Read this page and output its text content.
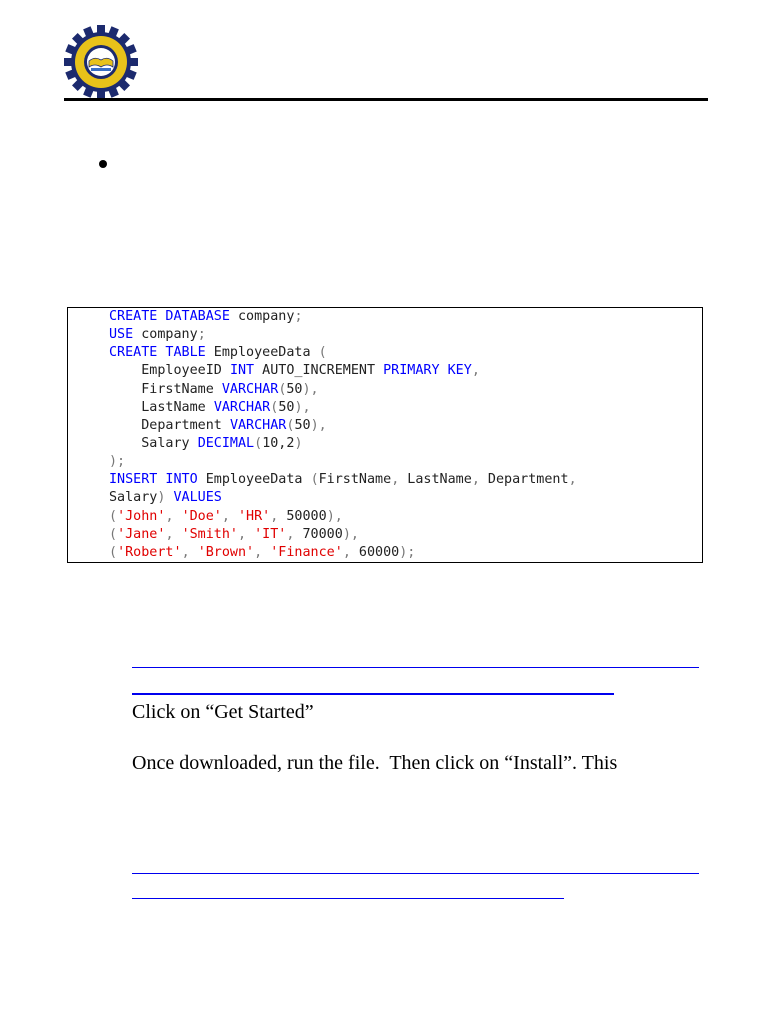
CREATE DATABASE company;
USE company;
CREATE TABLE EmployeeData (
EmployeeID INT AUTO_INCREMENT PRIMARY KEY,
FirstName VARCHAR(50),
LastName VARCHAR(50),
Department VARCHAR(50),
Salary DECIMAL(10,2)
);
INSERT INTO EmployeeData (FirstName, LastName, Department,
Salary) VALUES
('John', 'Doe', 'HR', 50000),
('Jane', 'Smith', 'IT', 70000),
('Robert', 'Brown', 'Finance', 60000);
Click on “Get Started”
Once downloaded, run the file.  Then click on “Install”. This
